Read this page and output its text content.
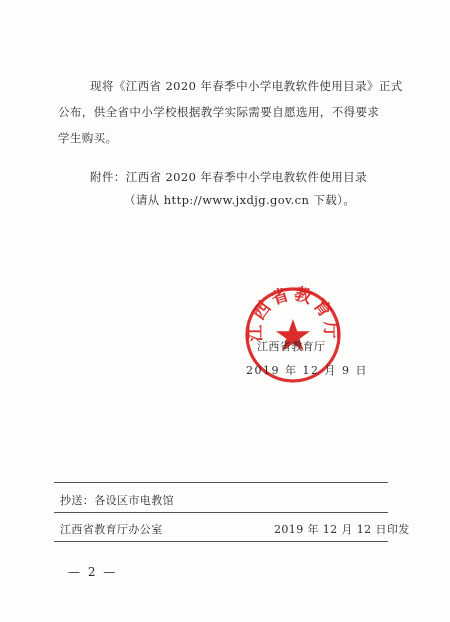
现将《江西省 2020 年春季中小学电教软件使用目录》正式
公布，供全省中小学校根据教学实际需要自愿选用，不得要求
学生购买。
附件：江西省 2020 年春季中小学电教软件使用目录
（请从 http://www.jxdjg.gov.cn 下载）。
江西省教育厅
江西省教育厅
2019 年 12 月 9 日
抄送：各设区市电教馆
江西省教育厅办公室	2019 年 12 月 12 日印发
— 2 —
